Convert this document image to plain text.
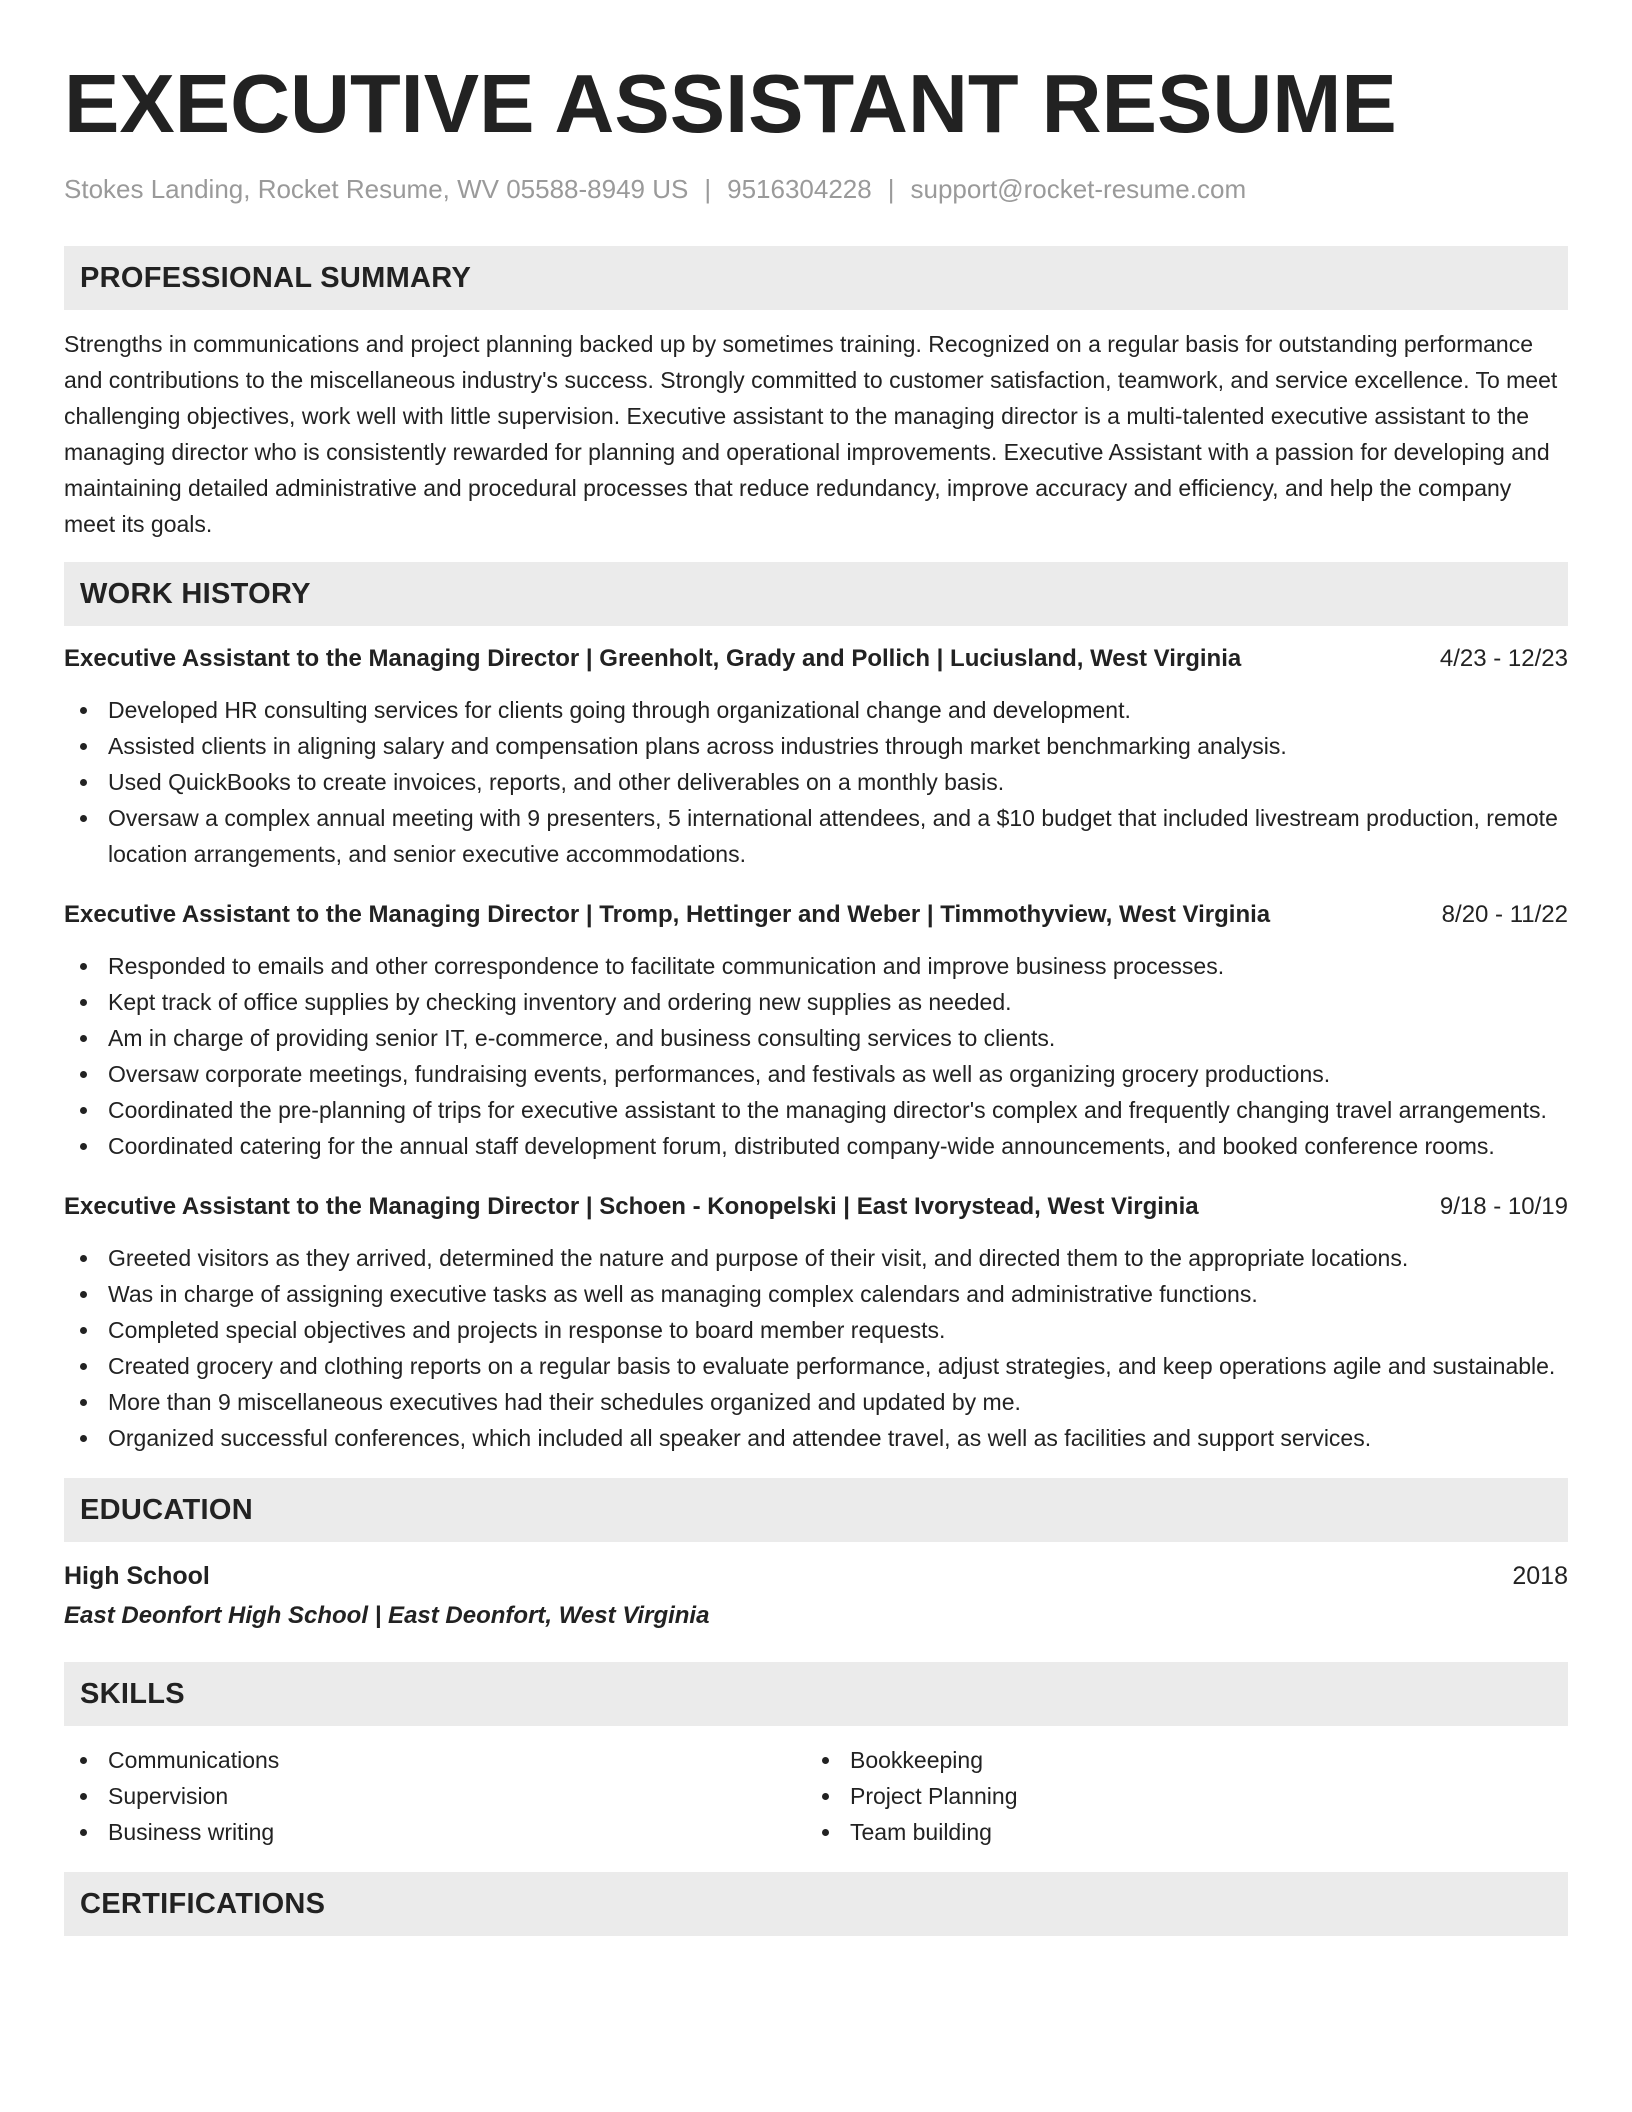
EXECUTIVE ASSISTANT RESUME
Stokes Landing, Rocket Resume, WV 05588-8949 US | 9516304228 | support@rocket-resume.com
PROFESSIONAL SUMMARY
Strengths in communications and project planning backed up by sometimes training. Recognized on a regular basis for outstanding performance and contributions to the miscellaneous industry's success. Strongly committed to customer satisfaction, teamwork, and service excellence. To meet challenging objectives, work well with little supervision. Executive assistant to the managing director is a multi-talented executive assistant to the managing director who is consistently rewarded for planning and operational improvements. Executive Assistant with a passion for developing and maintaining detailed administrative and procedural processes that reduce redundancy, improve accuracy and efficiency, and help the company meet its goals.
WORK HISTORY
Executive Assistant to the Managing Director | Greenholt, Grady and Pollich | Luciusland, West Virginia	4/23 - 12/23
Developed HR consulting services for clients going through organizational change and development.
Assisted clients in aligning salary and compensation plans across industries through market benchmarking analysis.
Used QuickBooks to create invoices, reports, and other deliverables on a monthly basis.
Oversaw a complex annual meeting with 9 presenters, 5 international attendees, and a $10 budget that included livestream production, remote location arrangements, and senior executive accommodations.
Executive Assistant to the Managing Director | Tromp, Hettinger and Weber | Timmothyview, West Virginia	8/20 - 11/22
Responded to emails and other correspondence to facilitate communication and improve business processes.
Kept track of office supplies by checking inventory and ordering new supplies as needed.
Am in charge of providing senior IT, e-commerce, and business consulting services to clients.
Oversaw corporate meetings, fundraising events, performances, and festivals as well as organizing grocery productions.
Coordinated the pre-planning of trips for executive assistant to the managing director's complex and frequently changing travel arrangements.
Coordinated catering for the annual staff development forum, distributed company-wide announcements, and booked conference rooms.
Executive Assistant to the Managing Director | Schoen - Konopelski | East Ivorystead, West Virginia	9/18 - 10/19
Greeted visitors as they arrived, determined the nature and purpose of their visit, and directed them to the appropriate locations.
Was in charge of assigning executive tasks as well as managing complex calendars and administrative functions.
Completed special objectives and projects in response to board member requests.
Created grocery and clothing reports on a regular basis to evaluate performance, adjust strategies, and keep operations agile and sustainable.
More than 9 miscellaneous executives had their schedules organized and updated by me.
Organized successful conferences, which included all speaker and attendee travel, as well as facilities and support services.
EDUCATION
High School	2018
East Deonfort High School | East Deonfort, West Virginia
SKILLS
Communications
Supervision
Business writing
Bookkeeping
Project Planning
Team building
CERTIFICATIONS
